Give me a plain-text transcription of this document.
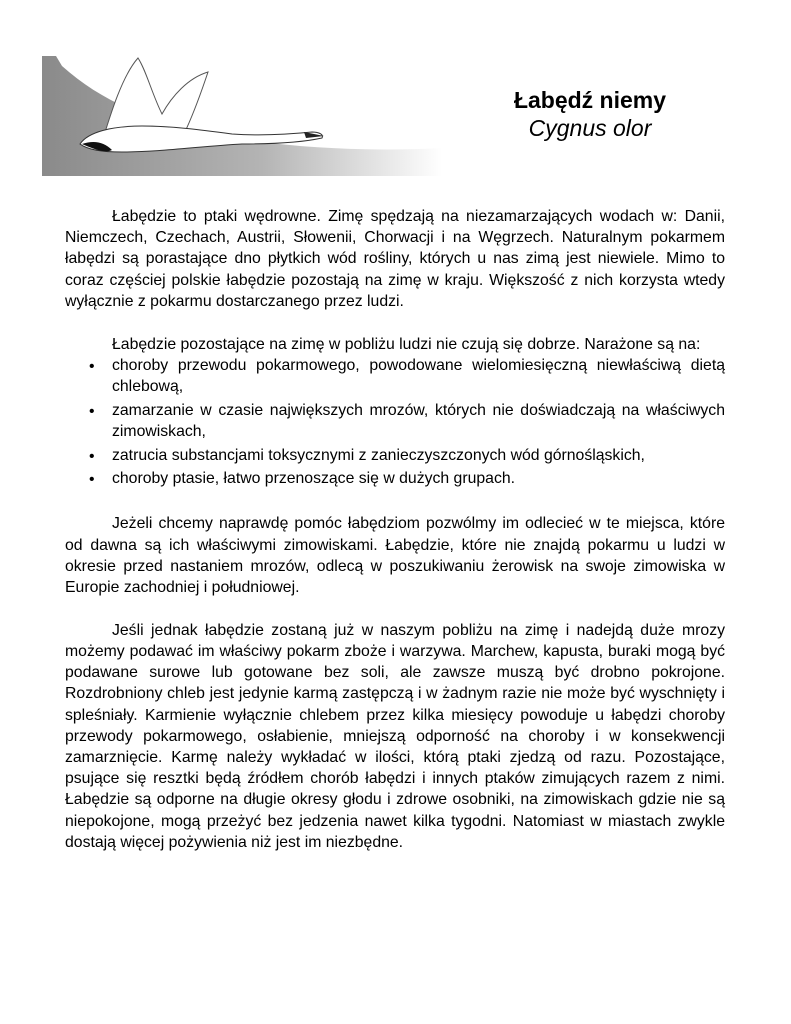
Łabędź niemy
Cygnus olor

Łabędzie to ptaki wędrowne. Zimę spędzają na niezamarzających wodach w: Danii, Niemczech, Czechach, Austrii, Słowenii, Chorwacji i na Węgrzech. Naturalnym pokarmem łabędzi są porastające dno płytkich wód rośliny, których u nas zimą jest niewiele. Mimo to coraz częściej polskie łabędzie pozostają na zimę w kraju. Większość z nich korzysta wtedy wyłącznie z pokarmu dostarczanego przez ludzi.

Łabędzie pozostające na zimę w pobliżu ludzi nie czują się dobrze. Narażone są na:

• choroby przewodu pokarmowego, powodowane wielomiesięczną niewłaściwą dietą chlebową,
• zamarzanie w czasie największych mrozów, których nie doświadczają na właściwych zimowiskach,
• zatrucia substancjami toksycznymi z zanieczyszczonych wód górnośląskich,
• choroby ptasie, łatwo przenoszące się w dużych grupach.

Jeżeli chcemy naprawdę pomóc łabędziom pozwólmy im odlecieć w te miejsca, które od dawna są ich właściwymi zimowiskami. Łabędzie, które nie znajdą pokarmu u ludzi w okresie przed nastaniem mrozów, odlecą w poszukiwaniu żerowisk na swoje zimowiska w Europie zachodniej i południowej.

Jeśli jednak łabędzie zostaną już w naszym pobliżu na zimę i nadejdą duże mrozy możemy podawać im właściwy pokarm zboże i warzywa. Marchew, kapusta, buraki mogą być podawane surowe lub gotowane bez soli, ale zawsze muszą być drobno pokrojone. Rozdrobniony chleb jest jedynie karmą zastępczą i w żadnym razie nie może być wyschnięty i spleśniały. Karmienie wyłącznie chlebem przez kilka miesięcy powoduje u łabędzi choroby przewody pokarmowego, osłabienie, mniejszą odporność na choroby i w konsekwencji zamarznięcie. Karmę należy wykładać w ilości, którą ptaki zjedzą od razu. Pozostające, psujące się resztki będą źródłem chorób łabędzi i innych ptaków zimujących razem z nimi. Łabędzie są odporne na długie okresy głodu i zdrowe osobniki, na zimowiskach gdzie nie są niepokojone, mogą przeżyć bez jedzenia nawet kilka tygodni. Natomiast w miastach zwykle dostają więcej pożywienia niż jest im niezbędne.
